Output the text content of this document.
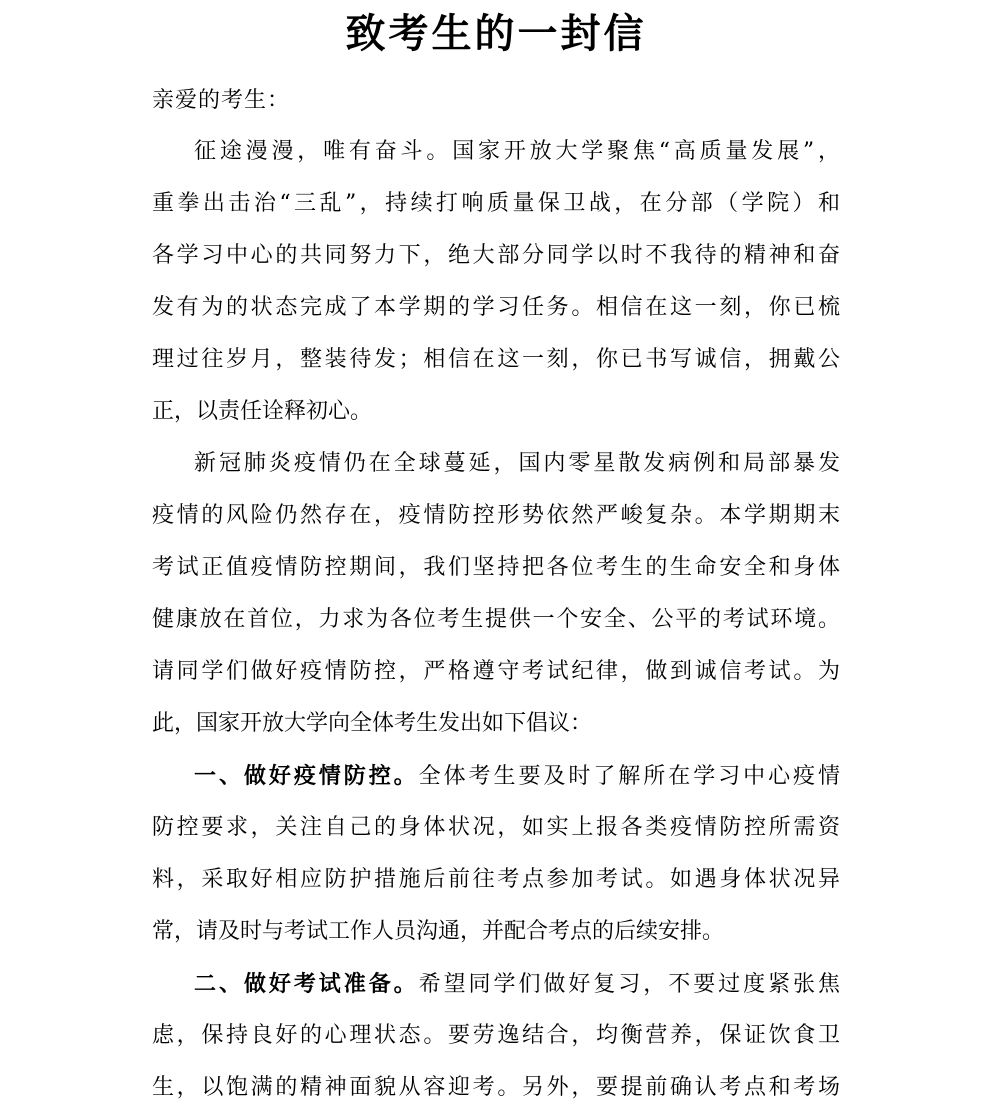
致考生的一封信

亲爱的考生：

征途漫漫，唯有奋斗。国家开放大学聚焦“高质量发展”，

重拳出击治“三乱”，持续打响质量保卫战，在分部（学院）和

各学习中心的共同努力下，绝大部分同学以时不我待的精神和奋

发有为的状态完成了本学期的学习任务。相信在这一刻，你已梳

理过往岁月，整装待发；相信在这一刻，你已书写诚信，拥戴公

正，以责任诠释初心。

新冠肺炎疫情仍在全球蔓延，国内零星散发病例和局部暴发

疫情的风险仍然存在，疫情防控形势依然严峻复杂。本学期期末

考试正值疫情防控期间，我们坚持把各位考生的生命安全和身体

健康放在首位，力求为各位考生提供一个安全、公平的考试环境。

请同学们做好疫情防控，严格遵守考试纪律，做到诚信考试。为

此，国家开放大学向全体考生发出如下倡议：

一、做好疫情防控。全体考生要及时了解所在学习中心疫情

防控要求，关注自己的身体状况，如实上报各类疫情防控所需资

料，采取好相应防护措施后前往考点参加考试。如遇身体状况异

常，请及时与考试工作人员沟通，并配合考点的后续安排。

二、做好考试准备。希望同学们做好复习，不要过度紧张焦

虑，保持良好的心理状态。要劳逸结合，均衡营养，保证饮食卫

生，以饱满的精神面貌从容迎考。另外，要提前确认考点和考场
